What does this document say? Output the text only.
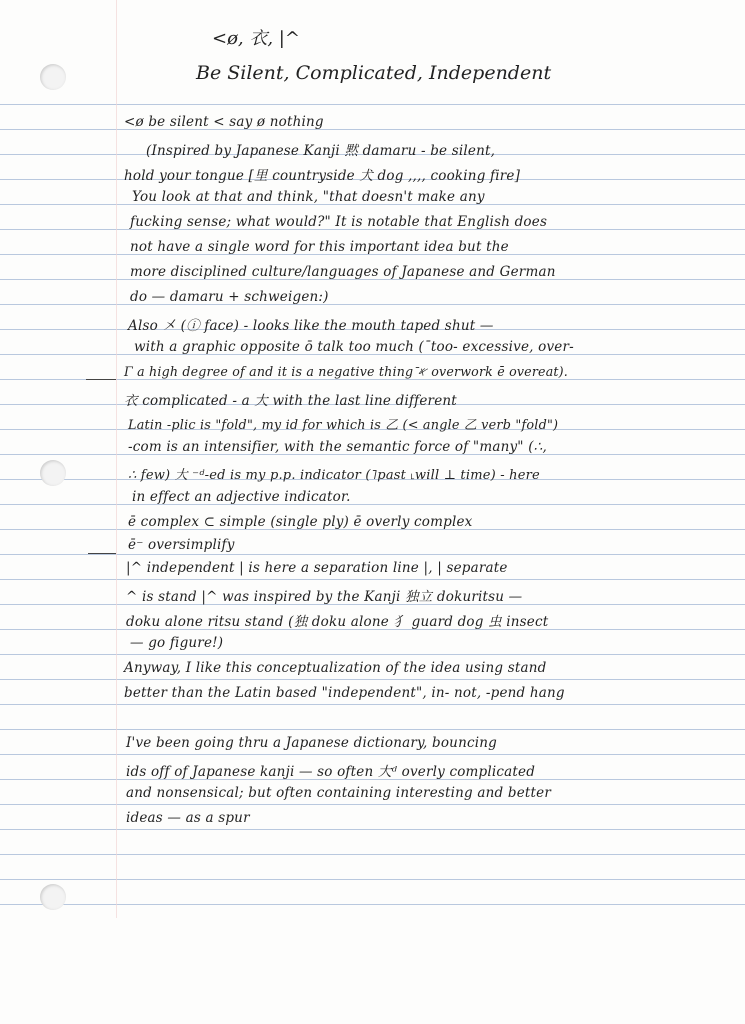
<ø, 衣, |^
Be Silent, Complicated, Independent
<ø be silent < say ø nothing
(Inspired by Japanese Kanji 黙 damaru - be silent,
hold your tongue [里 countryside 犬 dog ,,,, cooking fire]
You look at that and think, "that doesn't make any
fucking sense; what would?" It is notable that English does
not have a single word for this important idea but the
more disciplined culture/languages of Japanese and German
do — damaru + schweigen:)
Also 㐅 (ⓘ face) - looks like the mouth taped shut —
with a graphic opposite ō talk too much (¯too- excessive, over-
Γ a high degree of and it is a negative thing 𐤀̄ overwork ē overeat).
衣 complicated - a 大 with the last line different
Latin -plic is "fold", my id for which is 乙 (< angle 乙 verb "fold")
-com is an intensifier, with the semantic force of "many" (∴,
∴ few) 大 ⁻ᵈ-ed is my p.p. indicator (˥past ˪will ⊥ time) - here
in effect an adjective indicator.
ē complex ⊂ simple (single ply) ē overly complex
ē⁻ oversimplify
|^ independent | is here a separation line |, | separate
^ is stand |^ was inspired by the Kanji 独立 dokuritsu —
doku alone ritsu stand (独 doku alone 犭 guard dog 虫 insect
— go figure!)
Anyway, I like this conceptualization of the idea using stand
better than the Latin based "independent", in- not, -pend hang
I've been going thru a Japanese dictionary, bouncing
ids off of Japanese kanji — so often 大ᵈ overly complicated
and nonsensical; but often containing interesting and better
ideas — as a spur
